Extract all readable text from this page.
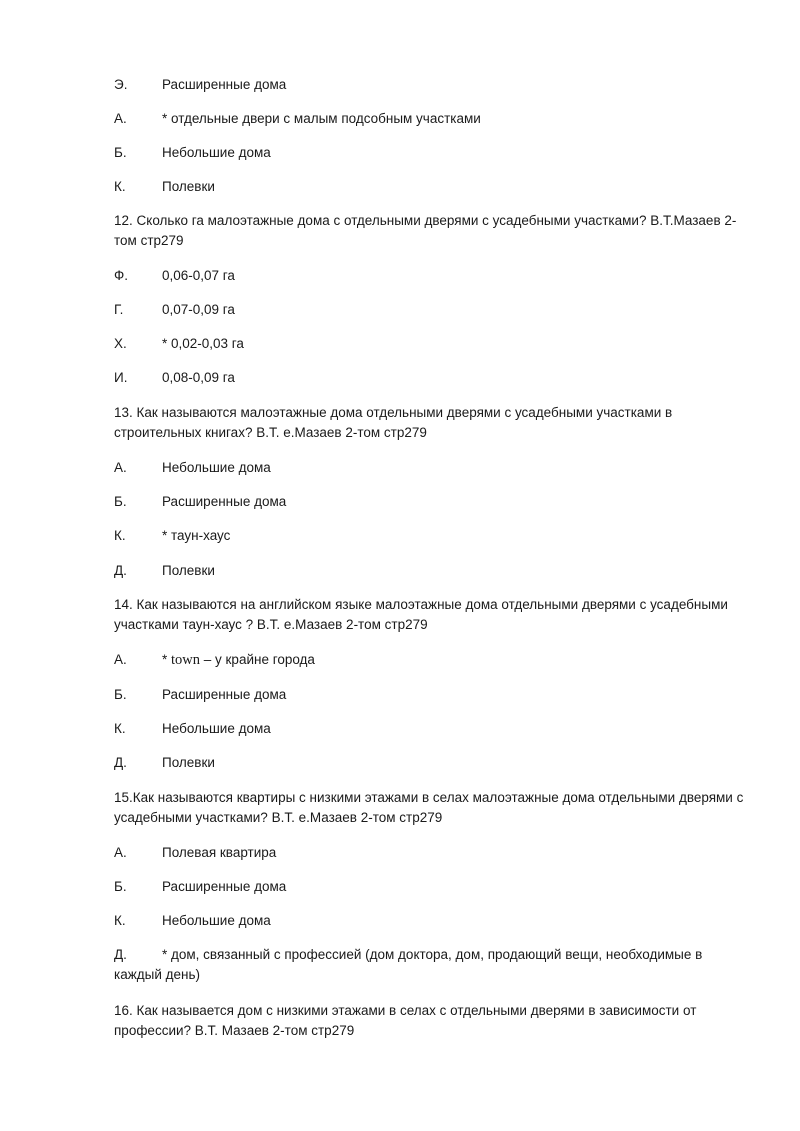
Э.	Расширенные дома
А.	* отдельные двери с малым подсобным участками
Б.	Небольшие дома
К.	Полевки
12. Сколько га малоэтажные дома с отдельными дверями с усадебными участками? В.Т.Мазаев 2-том стр279
Ф.	0,06-0,07 га
Г.	0,07-0,09 га
Х.	* 0,02-0,03 га
И.	0,08-0,09 га
13. Как называются малоэтажные дома отдельными дверями с усадебными участками в строительных книгах? В.Т. е.Мазаев 2-том стр279
А.	Небольшие дома
Б.	Расширенные дома
К.	* таун-хаус
Д.	Полевки
14. Как называются на английском языке малоэтажные дома отдельными дверями с усадебными участками таун-хаус ? В.Т. е.Мазаев 2-том стр279
А.	* town – у крайне города
Б.	Расширенные дома
К.	Небольшие дома
Д.	Полевки
15.Как называются квартиры с низкими этажами в селах малоэтажные дома отдельными дверями с усадебными участками? В.Т. е.Мазаев 2-том стр279
А.	Полевая квартира
Б.	Расширенные дома
К.	Небольшие дома
Д.	* дом, связанный с профессией (дом доктора, дом, продающий вещи, необходимые в каждый день)
16. Как называется дом с низкими этажами в селах с отдельными дверями в зависимости от профессии? В.Т. Мазаев 2-том стр279
